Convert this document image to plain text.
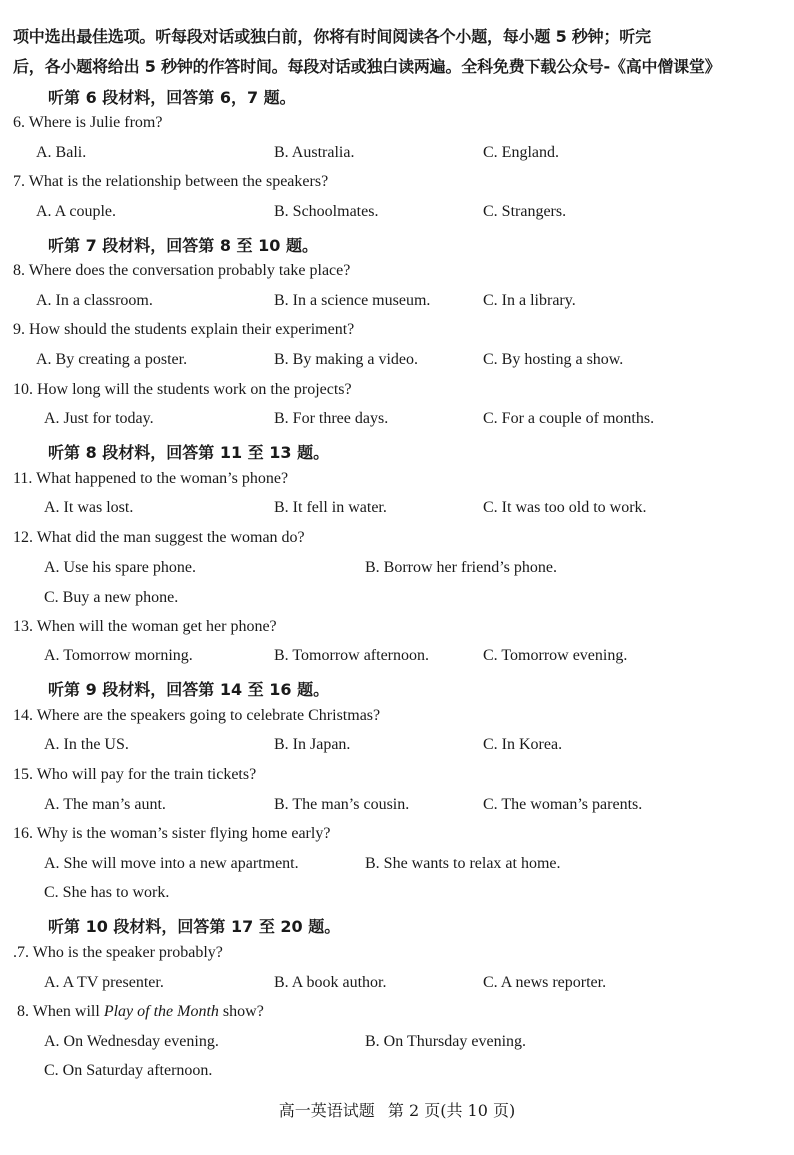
项中选出最佳选项。听每段对话或独白前，你将有时间阅读各个小题，每小题 5 秒钟；听完
后，各小题将给出 5 秒钟的作答时间。每段对话或独白读两遍。全科免费下载公众号-《高中僧课堂》
听第 6 段材料，回答第 6，7 题。
6. Where is Julie from?
A. Bali.	B. Australia.	C. England.
7. What is the relationship between the speakers?
A. A couple.	B. Schoolmates.	C. Strangers.
听第 7 段材料，回答第 8 至 10 题。
8. Where does the conversation probably take place?
A. In a classroom.	B. In a science museum.	C. In a library.
9. How should the students explain their experiment?
A. By creating a poster.	B. By making a video.	C. By hosting a show.
10. How long will the students work on the projects?
A. Just for today.	B. For three days.	C. For a couple of months.
听第 8 段材料，回答第 11 至 13 题。
11. What happened to the woman’s phone?
A. It was lost.	B. It fell in water.	C. It was too old to work.
12. What did the man suggest the woman do?
A. Use his spare phone.	B. Borrow her friend’s phone.
C. Buy a new phone.
13. When will the woman get her phone?
A. Tomorrow morning.	B. Tomorrow afternoon.	C. Tomorrow evening.
听第 9 段材料，回答第 14 至 16 题。
14. Where are the speakers going to celebrate Christmas?
A. In the US.	B. In Japan.	C. In Korea.
15. Who will pay for the train tickets?
A. The man’s aunt.	B. The man’s cousin.	C. The woman’s parents.
16. Why is the woman’s sister flying home early?
A. She will move into a new apartment.	B. She wants to relax at home.
C. She has to work.
听第 10 段材料，回答第 17 至 20 题。
.7. Who is the speaker probably?
A. A TV presenter.	B. A book author.	C. A news reporter.
8. When will Play of the Month show?
A. On Wednesday evening.	B. On Thursday evening.
C. On Saturday afternoon.
高一英语试题 第 2 页(共 10 页)
